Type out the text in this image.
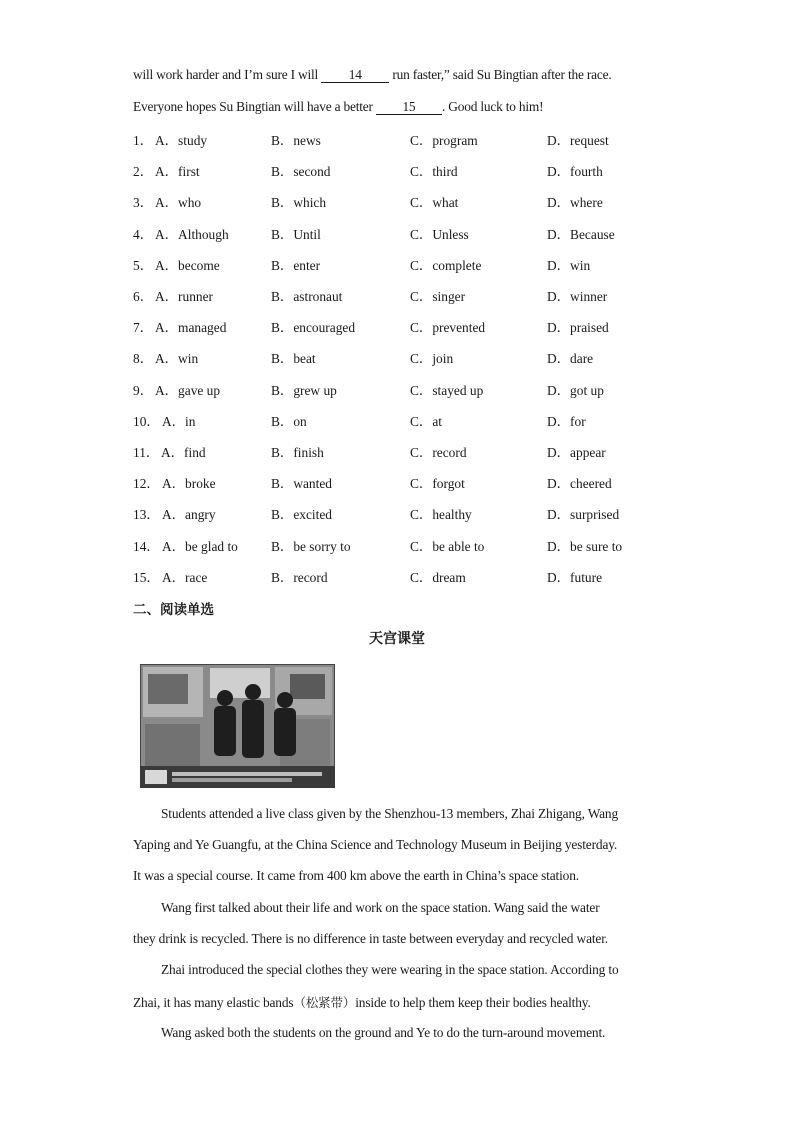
will work harder and I’m sure I will 14 run faster,” said Su Bingtian after the race.
Everyone hopes Su Bingtian will have a better 15 . Good luck to him!
1． A．study	B．news	C．program	D．request
2． A．first	B．second	C．third	D．fourth
3． A．who	B．which	C．what	D．where
4． A．Although	B．Until	C．Unless	D．Because
5． A．become	B．enter	C．complete	D．win
6． A．runner	B．astronaut	C．singer	D．winner
7． A．managed	B．encouraged	C．prevented	D．praised
8． A．win	B．beat	C．join	D．dare
9． A．gave up	B．grew up	C．stayed up	D．got up
10． A．in	B．on	C．at	D．for
11． A．find	B．finish	C．record	D．appear
12． A．broke	B．wanted	C．forgot	D．cheered
13． A．angry	B．excited	C．healthy	D．surprised
14． A．be glad to B．be sorry to	C．be able to	D．be sure to
15． A．race	B．record	C．dream	D．future
二、阅读单选
天宫课堂
Students attended a live class given by the Shenzhou-13 members, Zhai Zhigang, Wang
Yaping and Ye Guangfu, at the China Science and Technology Museum in Beijing yesterday.
It was a special course. It came from 400 km above the earth in China’s space station.
Wang first talked about their life and work on the space station. Wang said the water
they drink is recycled. There is no difference in taste between everyday and recycled water.
Zhai introduced the special clothes they were wearing in the space station. According to
Zhai, it has many elastic bands（松紧带）inside to help them keep their bodies healthy.
Wang asked both the students on the ground and Ye to do the turn-around movement.
